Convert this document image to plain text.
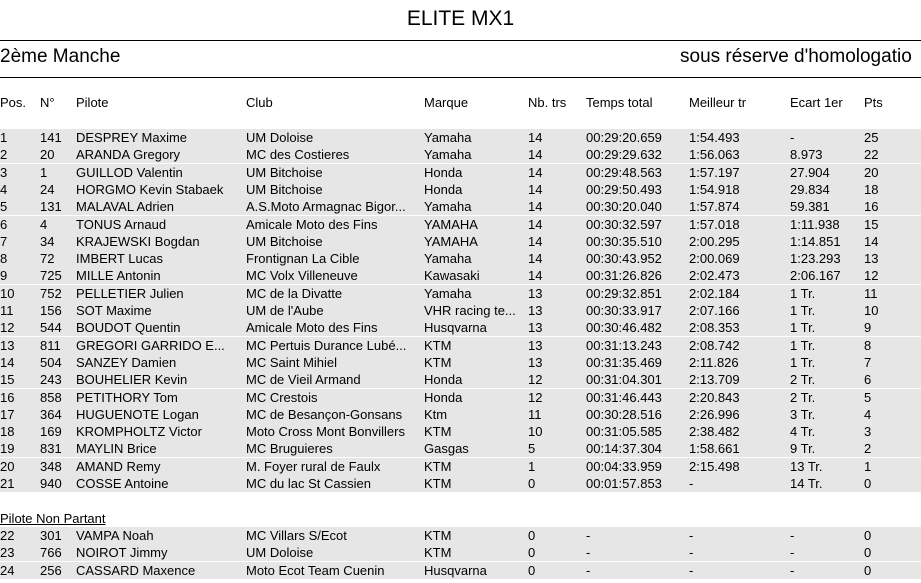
ELITE MX1
2ème Manche	sous réserve d'homologatio
Pos.	N°	Pilote	Club	Marque	Nb. trs	Temps total	Meilleur tr	Ecart 1er	Pts
1	141	DESPREY Maxime	UM Doloise	Yamaha	14	00:29:20.659	1:54.493	-	25
2	20	ARANDA Gregory	MC des Costieres	Yamaha	14	00:29:29.632	1:56.063	8.973	22
3	1	GUILLOD Valentin	UM Bitchoise	Honda	14	00:29:48.563	1:57.197	27.904	20
4	24	HORGMO Kevin Stabaek	UM Bitchoise	Honda	14	00:29:50.493	1:54.918	29.834	18
5	131	MALAVAL Adrien	A.S.Moto Armagnac Bigor...	Yamaha	14	00:30:20.040	1:57.874	59.381	16
6	4	TONUS Arnaud	Amicale Moto des Fins	YAMAHA	14	00:30:32.597	1:57.018	1:11.938	15
7	34	KRAJEWSKI Bogdan	UM Bitchoise	YAMAHA	14	00:30:35.510	2:00.295	1:14.851	14
8	72	IMBERT Lucas	Frontignan La Cible	Yamaha	14	00:30:43.952	2:00.069	1:23.293	13
9	725	MILLE Antonin	MC Volx Villeneuve	Kawasaki	14	00:31:26.826	2:02.473	2:06.167	12
10	752	PELLETIER Julien	MC de la Divatte	Yamaha	13	00:29:32.851	2:02.184	1 Tr.	11
11	156	SOT Maxime	UM de l'Aube	VHR racing te... 13	00:30:33.917	2:07.166	1 Tr.	10
12	544	BOUDOT Quentin	Amicale Moto des Fins	Husqvarna	13	00:30:46.482	2:08.353	1 Tr.	9
13	811	GREGORI GARRIDO E...	MC Pertuis Durance Lubé...	KTM	13	00:31:13.243	2:08.742	1 Tr.	8
14	504	SANZEY Damien	MC Saint Mihiel	KTM	13	00:31:35.469	2:11.826	1 Tr.	7
15	243	BOUHELIER Kevin	MC de Vieil Armand	Honda	12	00:31:04.301	2:13.709	2 Tr.	6
16	858	PETITHORY Tom	MC Crestois	Honda	12	00:31:46.443	2:20.843	2 Tr.	5
17	364	HUGUENOTE Logan	MC de Besançon-Gonsans	Ktm	11	00:30:28.516	2:26.996	3 Tr.	4
18	169	KROMPHOLTZ Victor	Moto Cross Mont Bonvillers	KTM	10	00:31:05.585	2:38.482	4 Tr.	3
19	831	MAYLIN Brice	MC Bruguieres	Gasgas	5	00:14:37.304	1:58.661	9 Tr.	2
20	348	AMAND Remy	M. Foyer rural de Faulx	KTM	1	00:04:33.959	2:15.498	13 Tr.	1
21	940	COSSE Antoine	MC du lac St Cassien	KTM	0	00:01:57.853	-	14 Tr.	0
Pilote Non Partant
22	301	VAMPA Noah	MC Villars S/Ecot	KTM	0	-	-	-	0
23	766	NOIROT Jimmy	UM Doloise	KTM	0	-	-	-	0
24	256	CASSARD Maxence	Moto Ecot Team Cuenin	Husqvarna	0	-	-	-	0
